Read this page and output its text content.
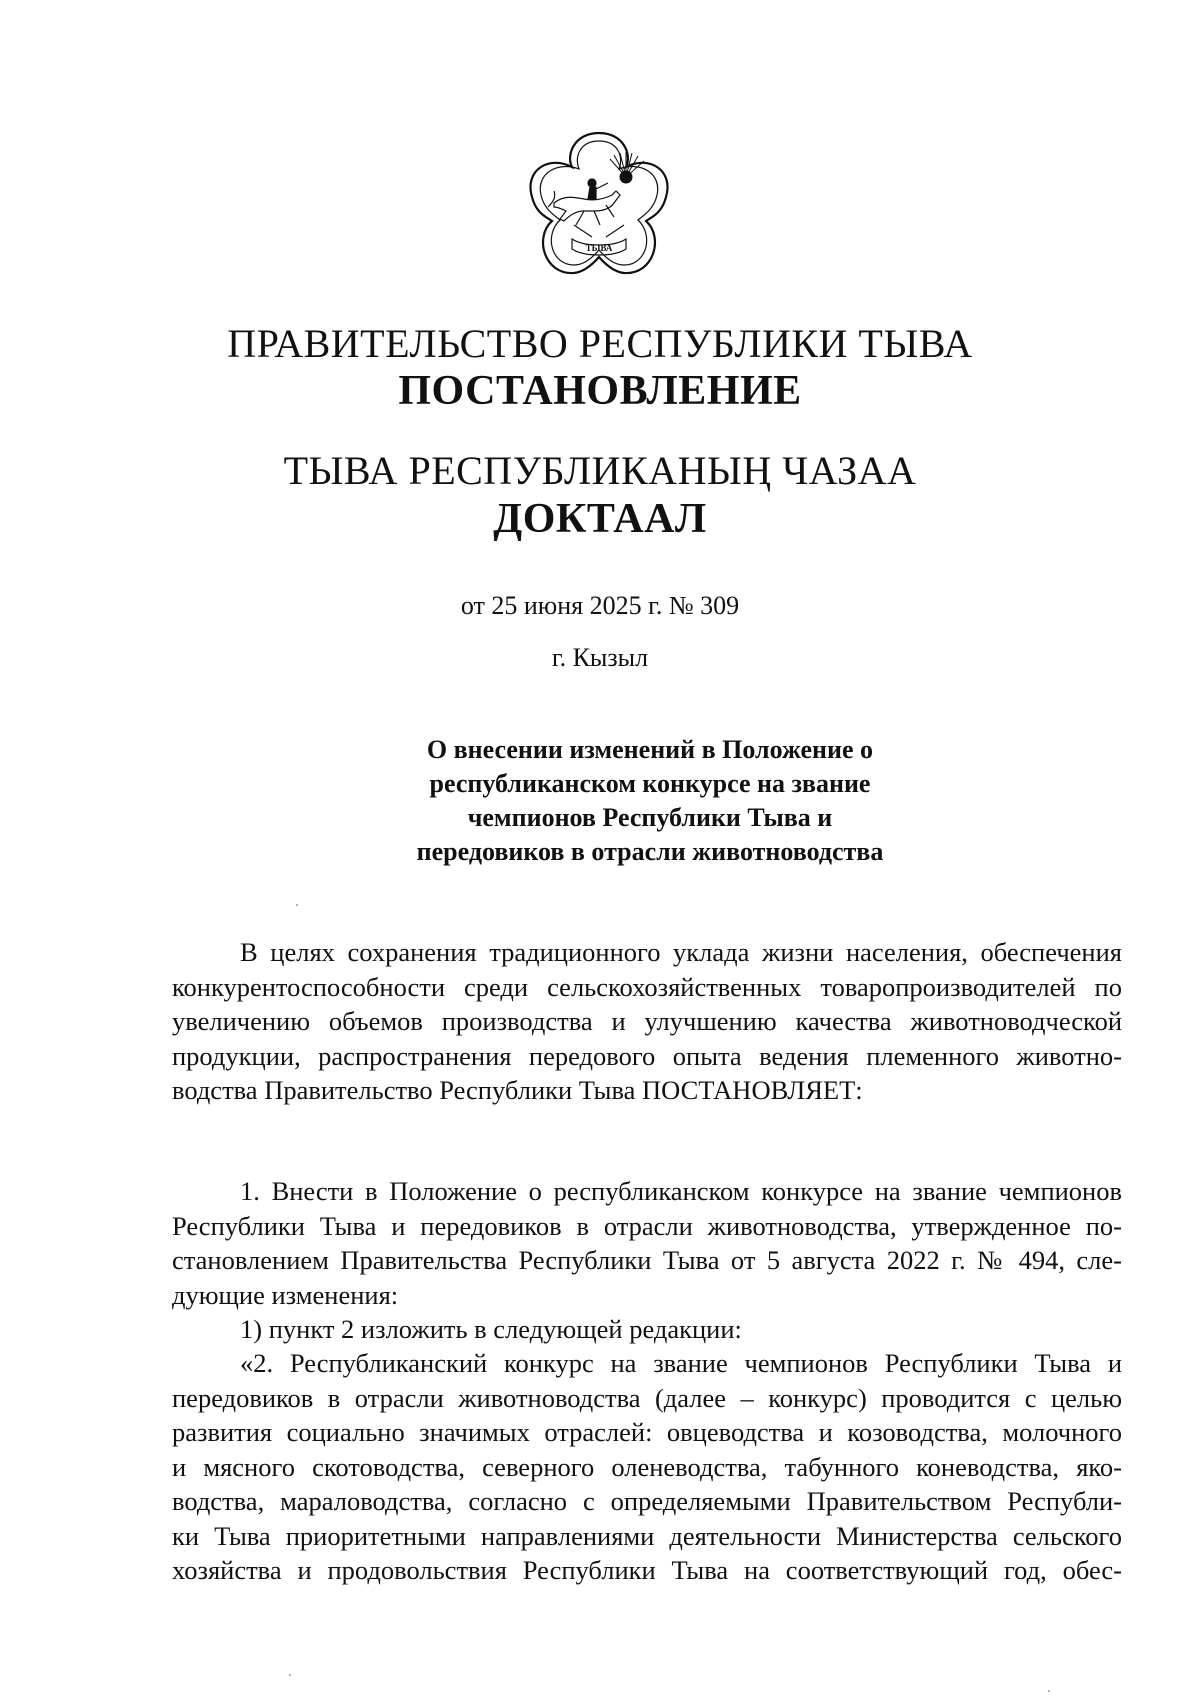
ТЫВА
ПРАВИТЕЛЬСТВО РЕСПУБЛИКИ ТЫВА
ПОСТАНОВЛЕНИЕ
ТЫВА РЕСПУБЛИКАНЫҢ ЧАЗАА
ДОКТААЛ
от 25 июня 2025 г. № 309
г. Кызыл
О внесении изменений в Положение о
республиканском конкурсе на звание
чемпионов Республики Тыва и
передовиков в отрасли животноводства
В целях сохранения традиционного уклада жизни населения, обеспечения
конкурентоспособности среди сельскохозяйственных товаропроизводителей по
увеличению объемов производства и улучшению качества животноводческой
продукции, распространения передового опыта ведения племенного животно-
водства Правительство Республики Тыва ПОСТАНОВЛЯЕТ:
1. Внести в Положение о республиканском конкурсе на звание чемпионов
Республики Тыва и передовиков в отрасли животноводства, утвержденное по-
становлением Правительства Республики Тыва от 5 августа 2022 г. № 494, сле-
дующие изменения:
1) пункт 2 изложить в следующей редакции:
«2. Республиканский конкурс на звание чемпионов Республики Тыва и
передовиков в отрасли животноводства (далее – конкурс) проводится с целью
развития социально значимых отраслей: овцеводства и козоводства, молочного
и мясного скотоводства, северного оленеводства, табунного коневодства, яко-
водства, мараловодства, согласно с определяемыми Правительством Республи-
ки Тыва приоритетными направлениями деятельности Министерства сельского
хозяйства и продовольствия Республики Тыва на соответствующий год, обес-
